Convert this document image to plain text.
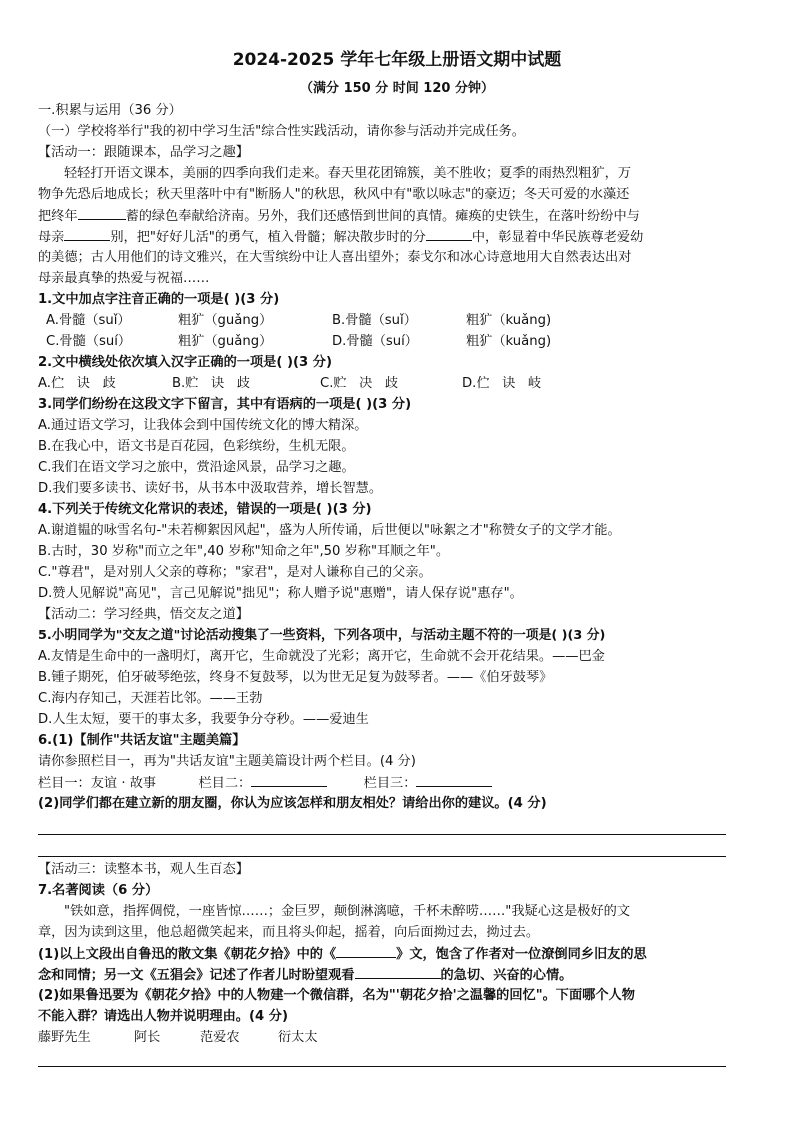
2024-2025 学年七年级上册语文期中试题
（满分 150 分 时间 120 分钟）
一.积累与运用（36 分）
（一）学校将举行"我的初中学习生活"综合性实践活动，请你参与活动并完成任务。
【活动一：跟随课本，品学习之趣】
轻轻打开语文课本，美丽的四季向我们走来。春天里花团锦簇，美不胜收；夏季的雨热烈粗犷，万
物争先恐后地成长；秋天里落叶中有"断肠人"的秋思，秋风中有"歌以咏志"的豪迈；冬天可爱的水藻还
把终年	蓄的绿色奉献给济南。另外，我们还感悟到世间的真情。瘫痪的史铁生，在落叶纷纷中与
母亲	别，把"好好儿活"的勇气，植入骨髓；解决散步时的分	中，彰显着中华民族尊老爱幼
的美德；古人用他们的诗文雅兴，在大雪缤纷中让人喜出望外；泰戈尔和冰心诗意地用大自然表达出对
母亲最真挚的热爱与祝福……
1.文中加点字注音正确的一项是( )(3 分)
A.骨髓（suǐ）	粗犷（guǎng）	B.骨髓（suǐ）	粗犷（kuǎng)
C.骨髓（suí）	粗犷（guǎng）	D.骨髓（suí）	粗犷（kuǎng)
2.文中横线处依次填入汉字正确的一项是( )(3 分)
A.伫   诀   歧	B.贮   诀   歧	C.贮   决   歧	D.伫   诀   岐
3.同学们纷纷在这段文字下留言，其中有语病的一项是( )(3 分)
A.通过语文学习，让我体会到中国传统文化的博大精深。
B.在我心中，语文书是百花园，色彩缤纷，生机无限。
C.我们在语文学习之旅中，赏沿途风景，品学习之趣。
D.我们要多读书、读好书，从书本中汲取营养，增长智慧。
4.下列关于传统文化常识的表述，错误的一项是( )(3 分)
A.谢道韫的咏雪名句-"未若柳絮因风起"，盛为人所传诵，后世便以"咏絮之才"称赞女子的文学才能。
B.古时，30 岁称"而立之年",40 岁称"知命之年",50 岁称"耳顺之年"。
C."尊君"，是对别人父亲的尊称；"家君"，是对人谦称自己的父亲。
D.赞人见解说"高见"，言己见解说"拙见"；称人赠予说"惠赠"，请人保存说"惠存"。
【活动二：学习经典，悟交友之道】
5.小明同学为"交友之道"讨论活动搜集了一些资料，下列各项中，与活动主题不符的一项是( )(3 分)
A.友情是生命中的一盏明灯，离开它，生命就没了光彩；离开它，生命就不会开花结果。——巴金
B.锺子期死，伯牙破琴绝弦，终身不复鼓琴，以为世无足复为鼓琴者。——《伯牙鼓琴》
C.海内存知己，天涯若比邻。——王勃
D.人生太短，要干的事太多，我要争分夺秒。——爱迪生
6.(1)【制作"共话友谊"主题美篇】
请你参照栏目一，再为"共话友谊"主题美篇设计两个栏目。(4 分)
栏目一：友谊 · 故事	栏目二：	栏目三：
(2)同学们都在建立新的朋友圈，你认为应该怎样和朋友相处？请给出你的建议。(4 分)
【活动三：读整本书，观人生百态】
7.名著阅读（6 分）
"铁如意，指挥倜傥，一座皆惊……；金巨罗，颠倒淋漓噫，千杯未醉唠……"我疑心这是极好的文
章，因为读到这里，他总超微笑起来，而且将头仰起，摇着，向后面拗过去，拗过去。
(1)以上文段出自鲁迅的散文集《朝花夕拾》中的《	》文，饱含了作者对一位潦倒同乡旧友的思
念和同情；另一文《五猖会》记述了作者儿时盼望观看	的急切、兴奋的心情。
(2)如果鲁迅要为《朝花夕拾》中的人物建一个微信群，名为"'朝花夕拾'之温馨的回忆"。下面哪个人物
不能入群？请选出人物并说明理由。(4 分)
藤野先生	阿长	范爱农	衍太太
